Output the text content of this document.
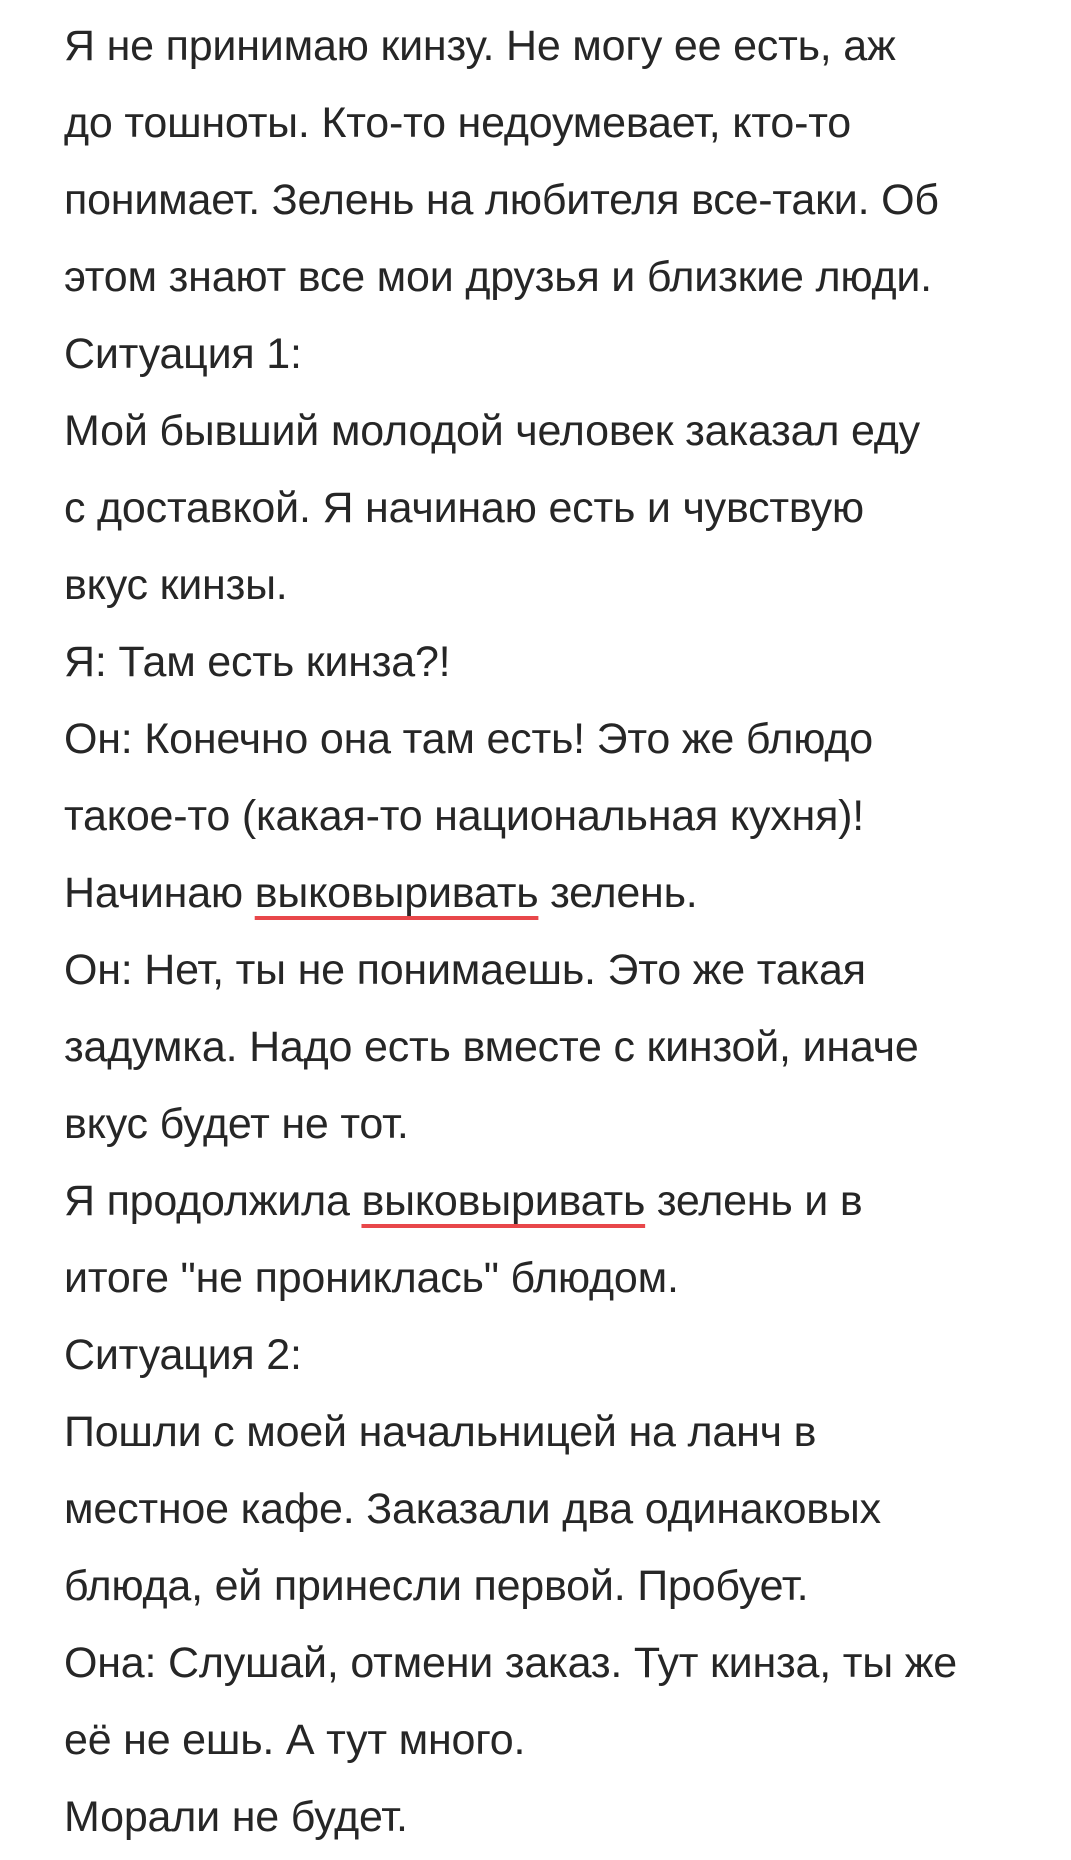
Я не принимаю кинзу. Не могу ее есть, аж
до тошноты. Кто-то недоумевает, кто-то
понимает. Зелень на любителя все-таки. Об
этом знают все мои друзья и близкие люди.
Ситуация 1:
Мой бывший молодой человек заказал еду
с доставкой. Я начинаю есть и чувствую
вкус кинзы.
Я: Там есть кинза?!
Он: Конечно она там есть! Это же блюдо
такое-то (какая-то национальная кухня)!
Начинаю выковыривать зелень.
Он: Нет, ты не понимаешь. Это же такая
задумка. Надо есть вместе с кинзой, иначе
вкус будет не тот.
Я продолжила выковыривать зелень и в
итоге "не прониклась" блюдом.
Ситуация 2:
Пошли с моей начальницей на ланч в
местное кафе. Заказали два одинаковых
блюда, ей принесли первой. Пробует.
Она: Слушай, отмени заказ. Тут кинза, ты же
её не ешь. А тут много.
Морали не будет.
